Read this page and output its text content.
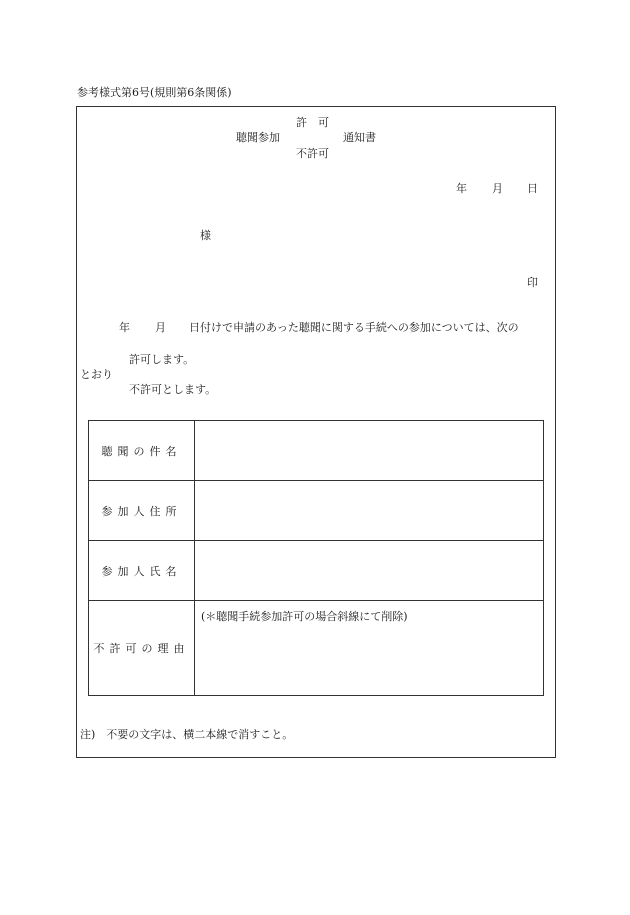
参考様式第6号(規則第6条関係)
許　可
聴聞参加	通知書
不許可
年 月 日
様
印
年 月 日付けで申請のあった聴聞に関する手続への参加については、次の
許可します。
とおり
不許可とします。
聴聞の件名	
参加人住所	
参加人氏名	
不許可の理由	(＊聴聞手続参加許可の場合斜線にて削除)
注)　不要の文字は、横二本線で消すこと。
